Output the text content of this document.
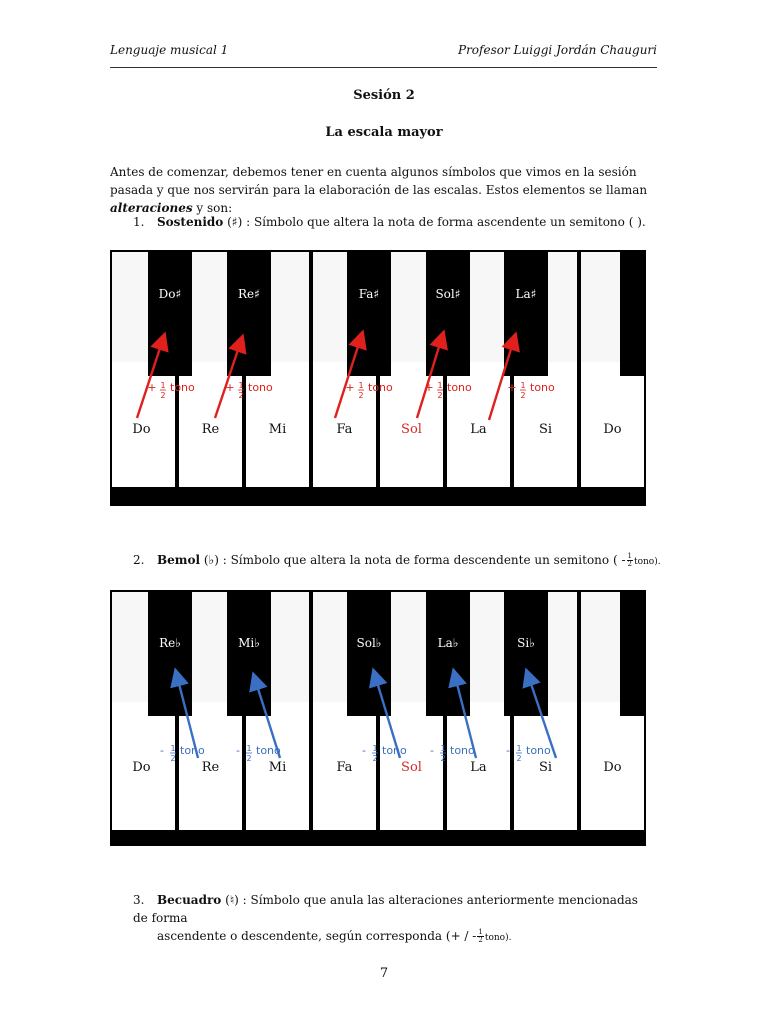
Lenguaje musical 1	Profesor Luiggi Jordán Chauguri
Sesión 2
La escala mayor
Antes de comenzar, debemos tener en cuenta algunos símbolos que vimos en la sesión pasada y que nos servirán para la elaboración de las escalas. Estos elementos se llaman alteraciones y son:
1. Sostenido (♯) : Símbolo que altera la nota de forma ascendente un semitono ( ).
Do	Re	Mi	Fa	Sol	La	Si	Do
Do♯	Re♯	Fa♯	Sol♯	La♯
+ 1
2
tono	+ 1
2
tono	+ 1
2
tono	+ 1
2
tono	+ 1
2
tono
2. Bemol (♭) : Símbolo que altera la nota de forma descendente un semitono ( - $\frac{1}{2}$ tono).
Do	Re	Mi	Fa	Sol	La	Si	Do
Re♭	Mi♭	Sol♭	La♭	Si♭
- 1
2
tono	- 1
2
tono	- 1
2
tono - 1
2
tono	- 1
2
tono
3. Becuadro (♮) : Símbolo que anula las alteraciones anteriormente mencionadas de forma
ascendente o descendente, según corresponda (+ / - $\frac{1}{2}$ tono).
7
